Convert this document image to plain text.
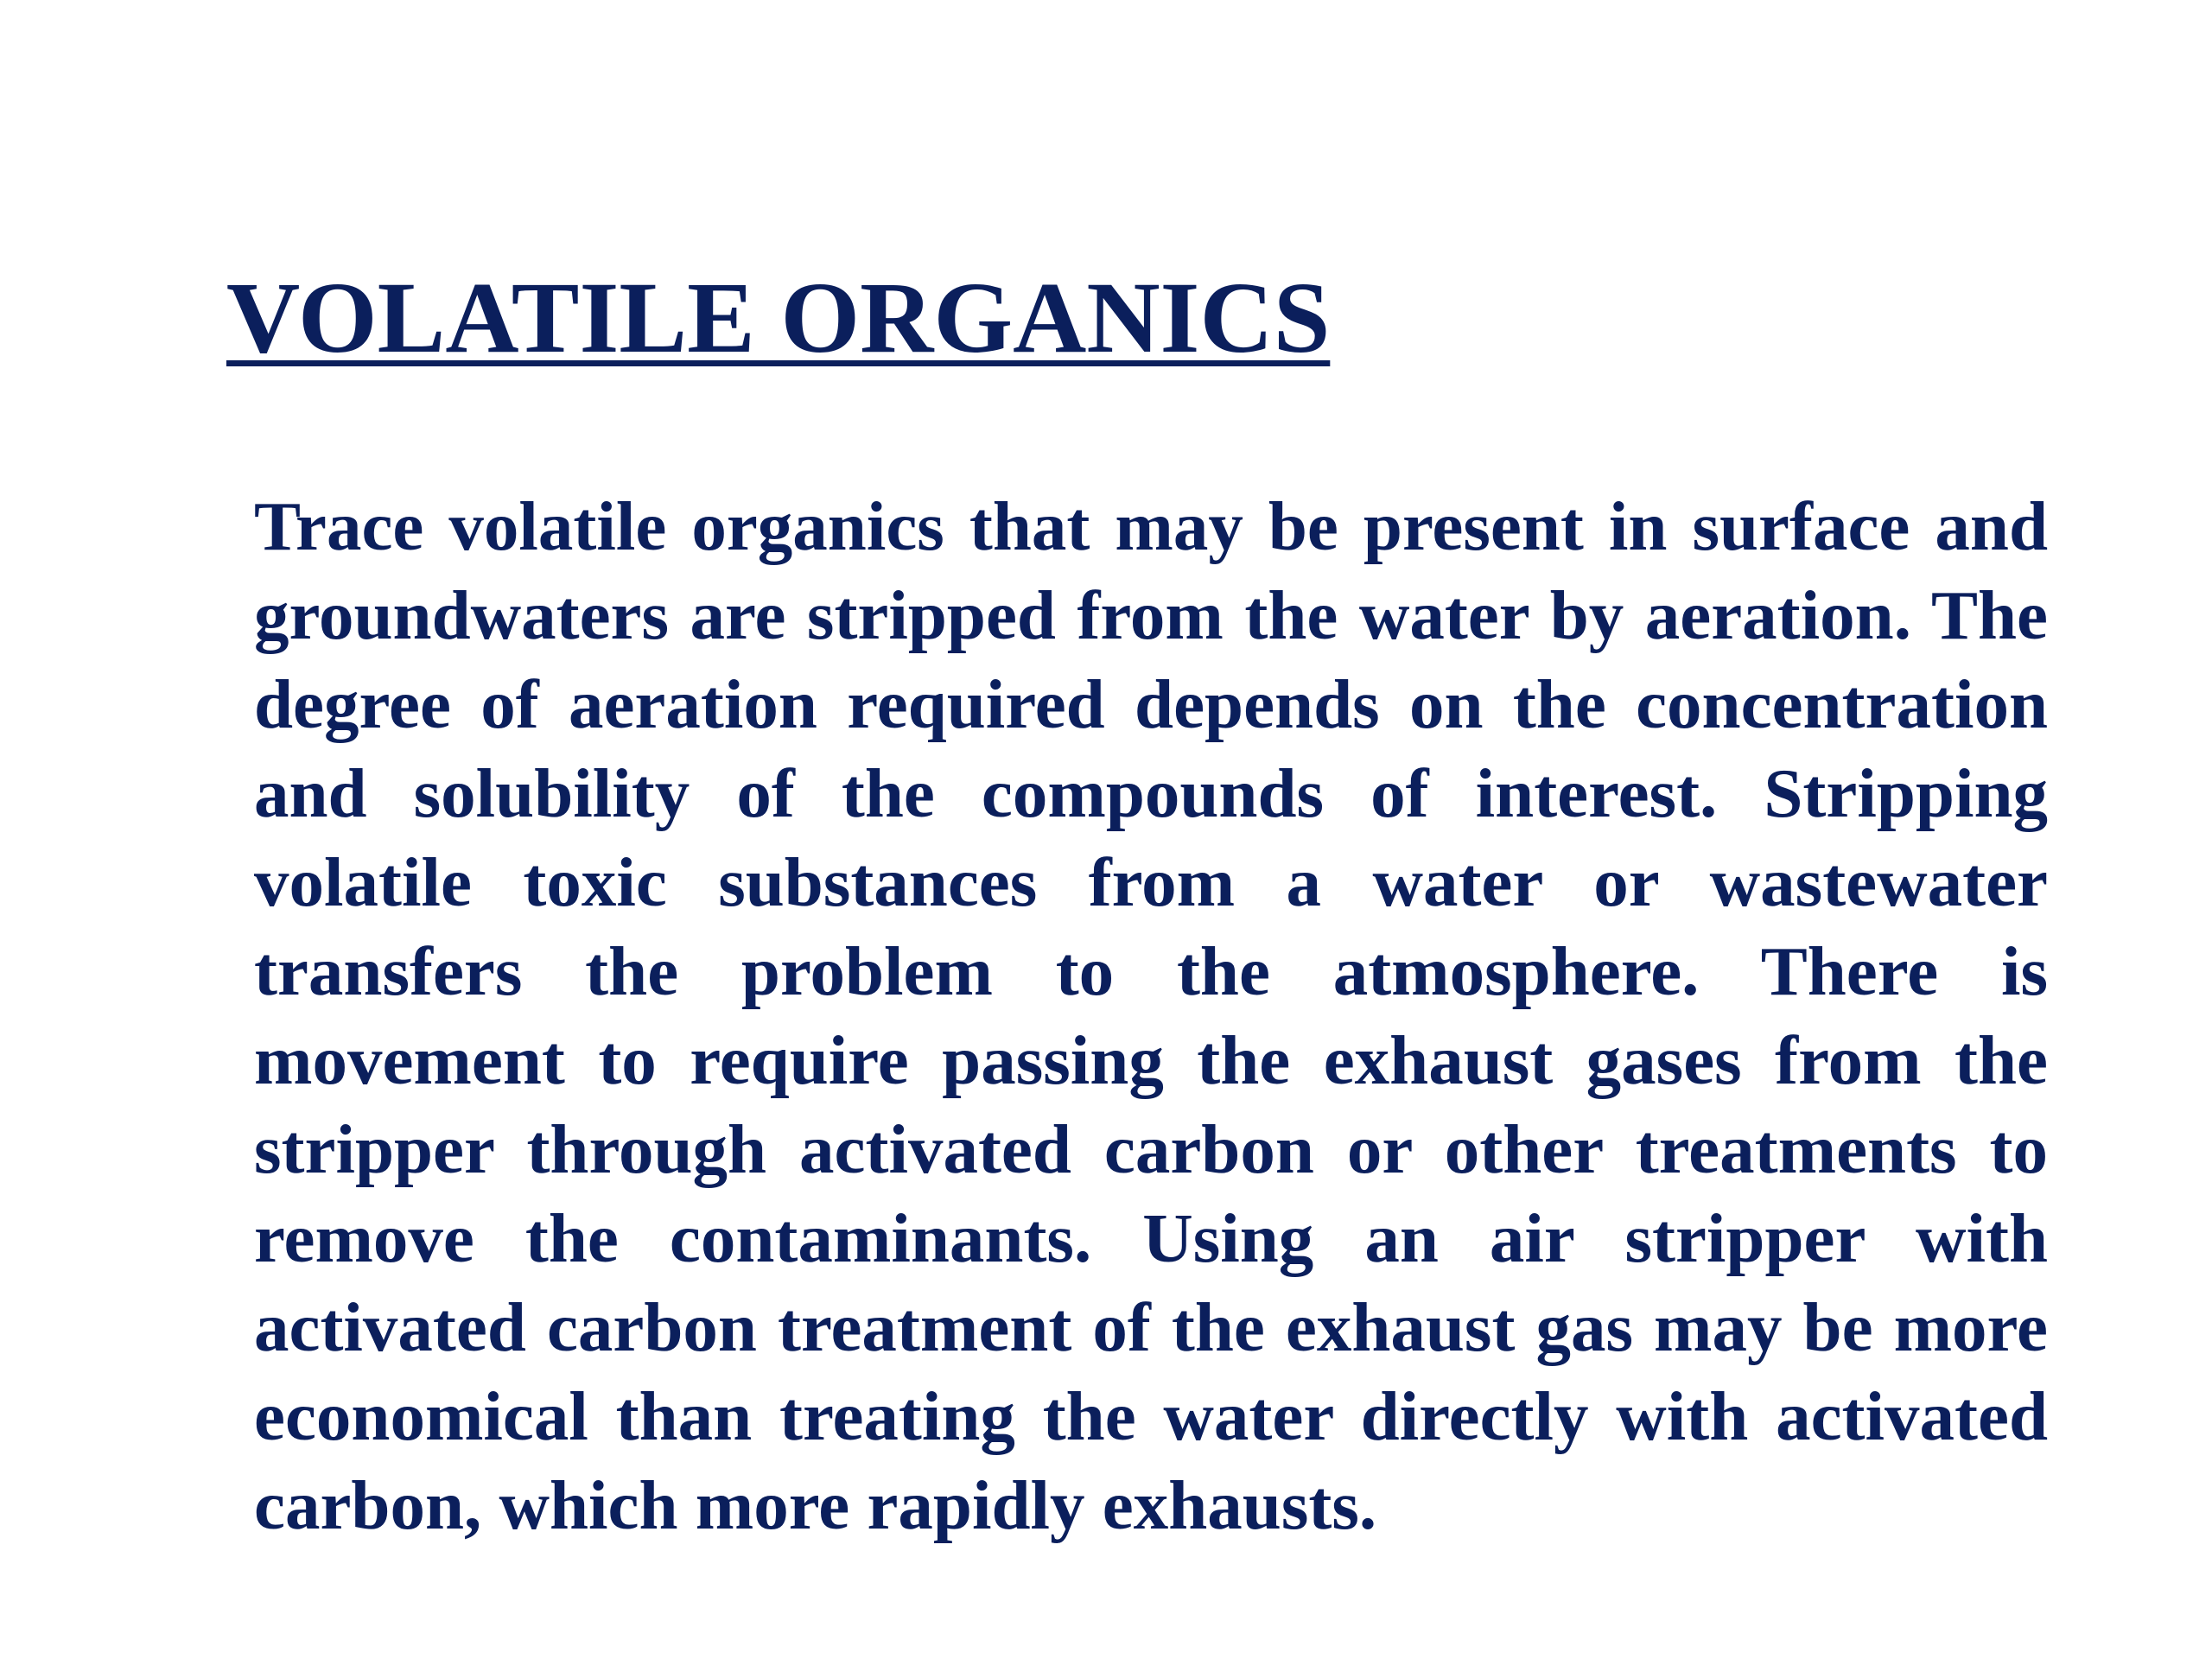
VOLATILE ORGANICS

Trace volatile organics that may be present in surface and groundwaters are stripped from the water by aeration. The degree of aeration required depends on the concentration and solubility of the compounds of interest. Stripping volatile toxic substances from a water or wastewater transfers the problem to the atmosphere. There is movement to require passing the exhaust gases from the stripper through activated carbon or other treatments to remove the contaminants. Using an air stripper with activated carbon treatment of the exhaust gas may be more economical than treating the water directly with activated carbon, which more rapidly exhausts.
